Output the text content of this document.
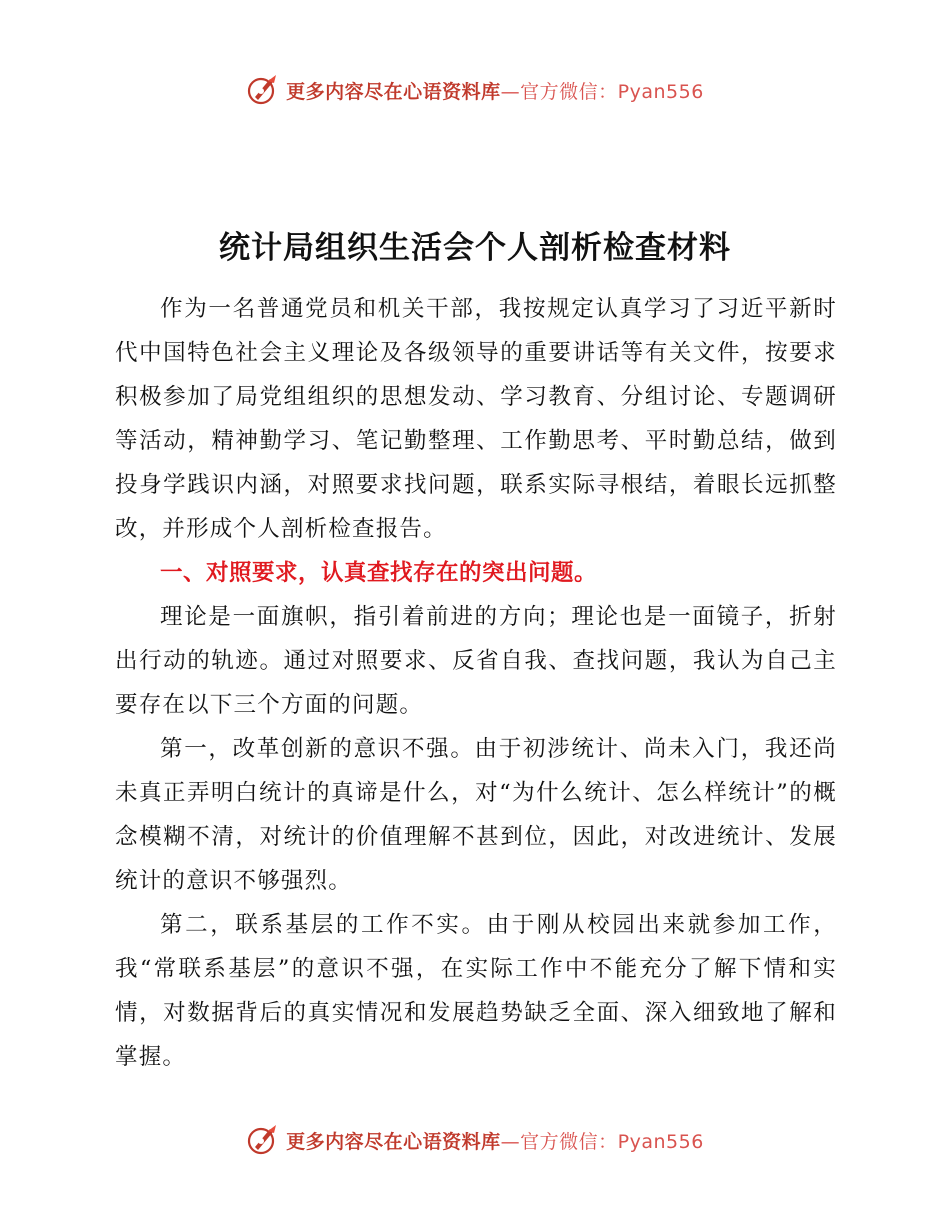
更多内容尽在心语资料库—官方微信：Pyan556
统计局组织生活会个人剖析检查材料

作为一名普通党员和机关干部，我按规定认真学习了习近平新时代中国特色社会主义理论及各级领导的重要讲话等有关文件，按要求积极参加了局党组组织的思想发动、学习教育、分组讨论、专题调研等活动，精神勤学习、笔记勤整理、工作勤思考、平时勤总结，做到投身学践识内涵，对照要求找问题，联系实际寻根结，着眼长远抓整改，并形成个人剖析检查报告。

一、对照要求，认真查找存在的突出问题。

理论是一面旗帜，指引着前进的方向；理论也是一面镜子，折射出行动的轨迹。通过对照要求、反省自我、查找问题，我认为自己主要存在以下三个方面的问题。

第一，改革创新的意识不强。由于初涉统计、尚未入门，我还尚未真正弄明白统计的真谛是什么，对“为什么统计、怎么样统计”的概念模糊不清，对统计的价值理解不甚到位，因此，对改进统计、发展统计的意识不够强烈。

第二，联系基层的工作不实。由于刚从校园出来就参加工作，我“常联系基层”的意识不强，在实际工作中不能充分了解下情和实情，对数据背后的真实情况和发展趋势缺乏全面、深入细致地了解和掌握。

更多内容尽在心语资料库—官方微信：Pyan556
